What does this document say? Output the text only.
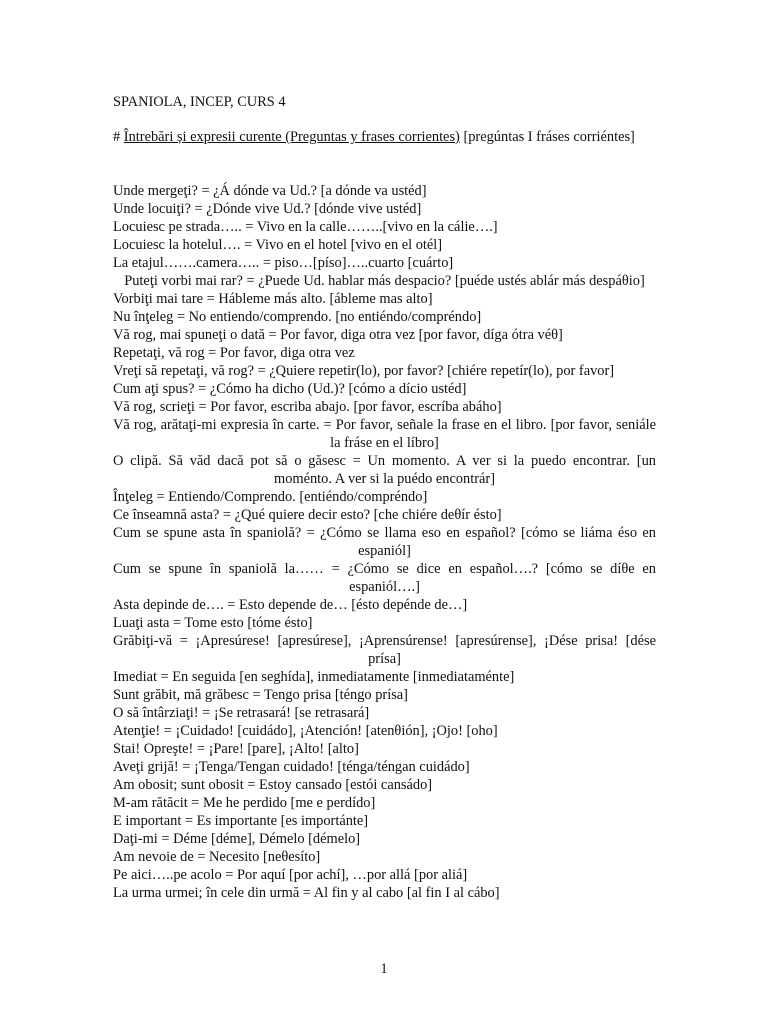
SPANIOLA, INCEP, CURS 4
# Întrebări și expresii curente (Preguntas y frases corrientes) [pregúntas I fráses corriéntes]
Unde mergeţi? = ¿Á dónde va Ud.? [a dónde va ustéd]
Unde locuiţi? = ¿Dónde vive Ud.? [dónde vive ustéd]
Locuiesc pe strada….. = Vivo en la calle……..[vivo en la cálie….]
Locuiesc la hotelul…. = Vivo en el hotel [vivo en el otél]
La etajul…….camera….. = piso…[píso]…..cuarto [cuárto]
Puteţi vorbi mai rar? = ¿Puede Ud. hablar más despacio? [puéde ustés ablár más despáθio]
Vorbiţi mai tare = Háblemе más alto. [ábleme mas alto]
Nu înţeleg = No entiendo/comprendo. [no entiéndo/compréndo]
Vă rog, mai spuneţi o dată = Por favor, diga otra vez [por favor, díga ótra véθ]
Repetaţi, vă rog = Por favor, diga otra vez
Vreţi să repetaţi, vă rog? = ¿Quiere repetir(lo), por favor? [chiére repetír(lo), por favor]
Cum aţi spus? = ¿Cómo ha dicho (Ud.)? [cómo a dício ustéd]
Vă rog, scrieţi = Por favor, escriba abajo. [por favor, escríba abáho]
Vă rog, arătaţi-mi expresia în carte. = Por favor, señale la frase en el libro. [por favor, seniále la fráse en el líbro]
O clipă. Să văd dacă pot să o găsesc = Un momento. A ver si la puedo encontrar. [un moménto. A ver si la puédo encontrár]
Înţeleg = Entiendo/Comprendo. [entiéndo/compréndo]
Ce înseamnă asta? = ¿Qué quiere decir esto? [che chiére deθír ésto]
Cum se spune asta în spaniolă? = ¿Cómo se llama eso en español? [cómo se liáma éso en espaniól]
Cum se spune în spaniolă la…… = ¿Cómo se dice en español….? [cómo se díθe en espaniól….]
Asta depinde de…. = Esto depende de… [ésto depénde de…]
Luaţi asta = Tome esto [tóme ésto]
Grăbiţi-vă = ¡Apresúrese! [apresúrese], ¡Aprensúrense! [apresúrense], ¡Dése prisa! [dése prísa]
Imediat = En seguida [en seghída], inmediatamente [inmediataménte]
Sunt grăbit, mă grăbesc = Tengo prisa [téngo prísa]
O să întârziaţi! = ¡Se retrasará! [se retrasará]
Atenţie! = ¡Cuidado! [cuidádo], ¡Atención! [atenθión], ¡Ojo! [oho]
Stai! Opreşte! = ¡Pare! [pare], ¡Alto! [alto]
Aveţi grijă! = ¡Tenga/Tengan cuidado! [ténga/téngan cuidádo]
Am obosit; sunt obosit = Estoy cansado [estói cansádo]
M-am rătăcit = Me he perdido [me e perdído]
E important = Es importante [es importánte]
Daţi-mi = Déme [déme], Démelo [démelo]
Am nevoie de = Necesito [neθesíto]
Pe aici…..pe acolo = Por aquí [por achí], …por allá [por aliá]
La urma urmei; în cele din urmă = Al fin y al cabo [al fin I al cábo]
1
